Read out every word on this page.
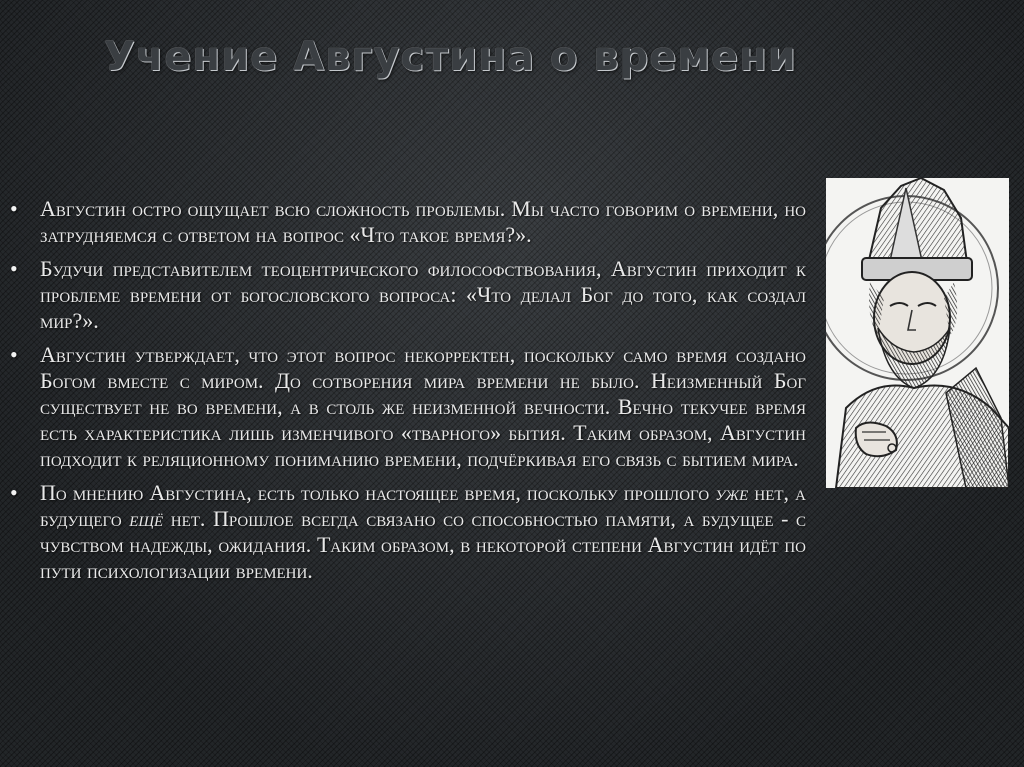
Учение Августина о времени
• Августин остро ощущает всю сложность проблемы. Мы часто говорим о времени, но затрудняемся с ответом на вопрос «Что такое время?».
• Будучи представителем теоцентрического философствования, Августин приходит к проблеме времени от богословского вопроса: «Что делал Бог до того, как создал мир?».
• Августин утверждает, что этот вопрос некорректен, поскольку само время создано Богом вместе с миром. До сотворения мира времени не было. Неизменный Бог существует не во времени, а в столь же неизменной вечности. Вечно текучее время есть характеристика лишь изменчивого «тварного» бытия. Таким образом, Августин подходит к реляционному пониманию времени, подчёркивая его связь с бытием мира.
• По мнению Августина, есть только настоящее время, поскольку прошлого уже нет, а будущего ещё нет. Прошлое всегда связано со способностью памяти, а будущее - с чувством надежды, ожидания. Таким образом, в некоторой степени Августин идёт по пути психологизации времени.
